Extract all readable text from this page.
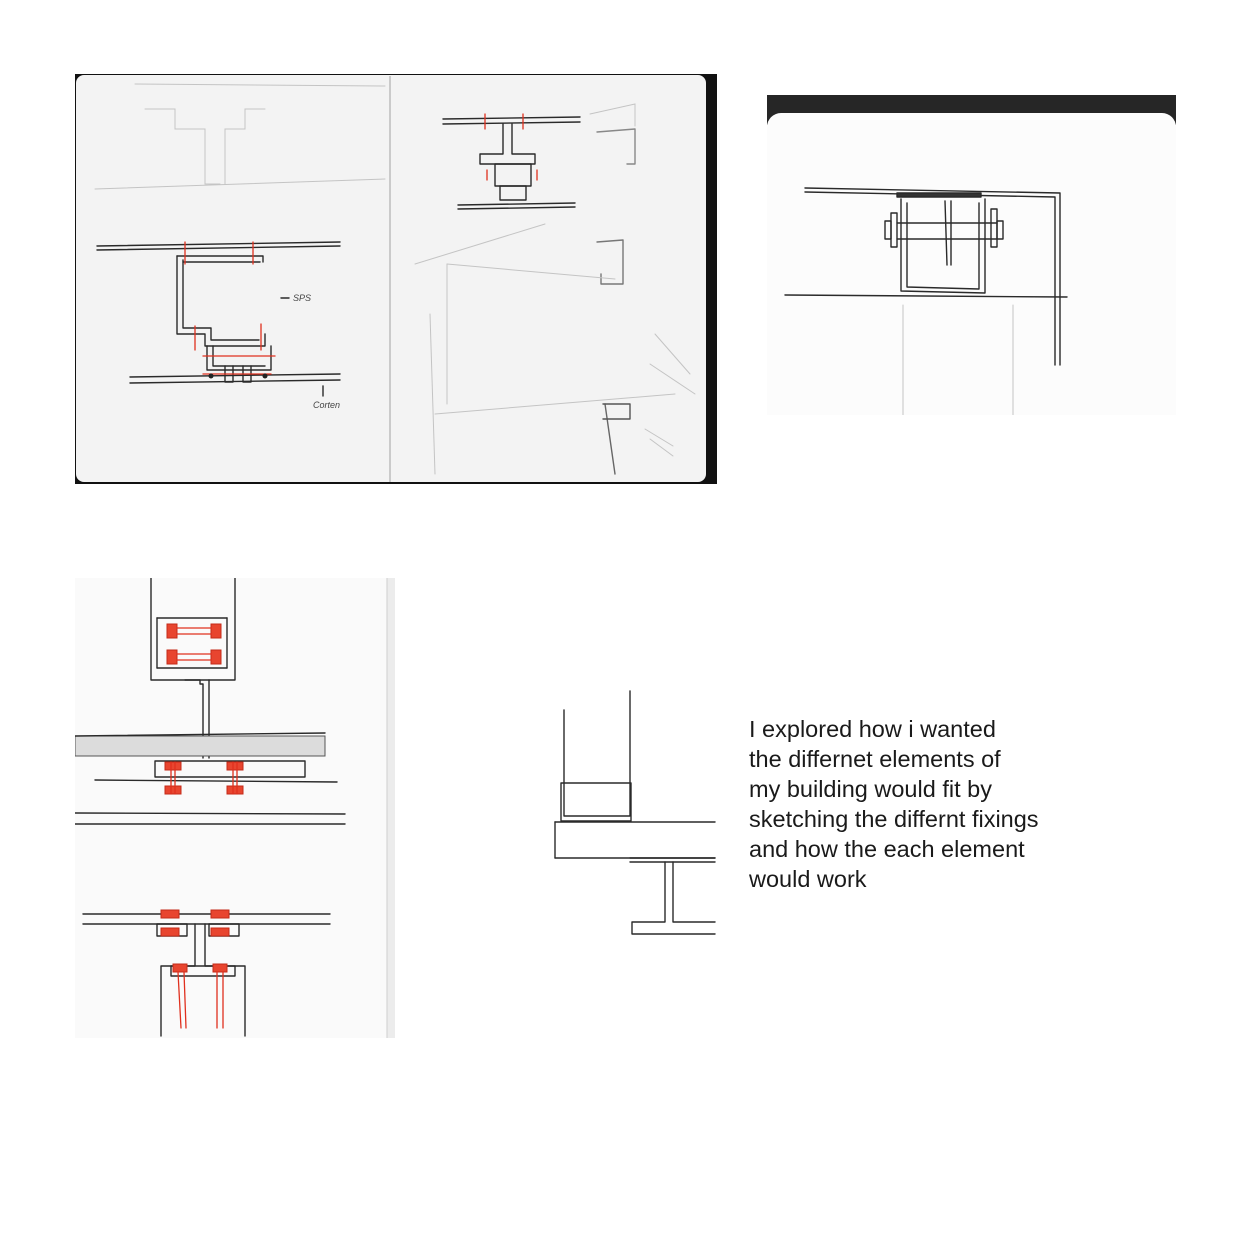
SPS
Corten

I explored how i wanted
the differnet elements of
my building would fit by
sketching the differnt fixings
and how the each element
would work
